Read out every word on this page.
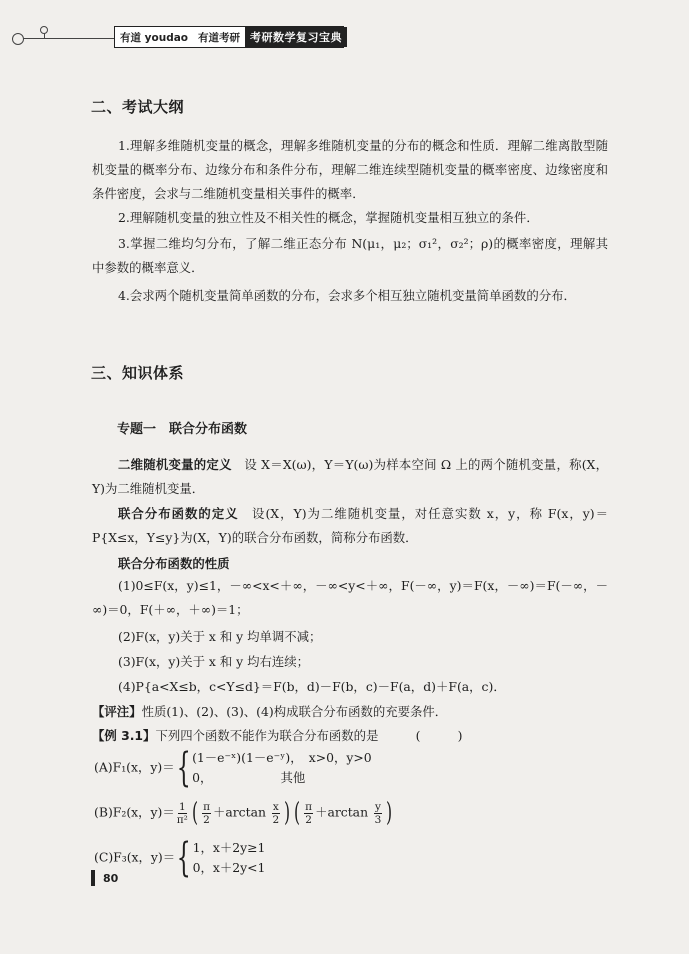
有道 youdao 有道考研 考研数学复习宝典
二、考试大纲
1.理解多维随机变量的概念，理解多维随机变量的分布的概念和性质．理解二维离散型随机变量的概率分布、边缘分布和条件分布，理解二维连续型随机变量的概率密度、边缘密度和条件密度，会求与二维随机变量相关事件的概率．
2.理解随机变量的独立性及不相关性的概念，掌握随机变量相互独立的条件．
3.掌握二维均匀分布，了解二维正态分布 N(μ₁，μ₂；σ₁²，σ₂²；ρ)的概率密度，理解其中参数的概率意义．
4.会求两个随机变量简单函数的分布，会求多个相互独立随机变量简单函数的分布．
三、知识体系
专题一　联合分布函数
二维随机变量的定义　设 X＝X(ω)，Y＝Y(ω)为样本空间 Ω 上的两个随机变量，称(X，Y)为二维随机变量．
联合分布函数的定义　设(X，Y)为二维随机变量，对任意实数 x，y，称 F(x，y)＝P{X≤x，Y≤y}为(X，Y)的联合分布函数，简称分布函数．
联合分布函数的性质
(1)0≤F(x，y)≤1，－∞<x<＋∞，－∞<y<＋∞，F(－∞，y)＝F(x，－∞)＝F(－∞，－∞)＝0，F(＋∞，＋∞)＝1；
(2)F(x，y)关于 x 和 y 均单调不减；
(3)F(x，y)关于 x 和 y 均右连续；
(4)P{a<X≤b，c<Y≤d}＝F(b，d)－F(b，c)－F(a，d)＋F(a，c)．
【评注】性质(1)、(2)、(3)、(4)构成联合分布函数的充要条件．
【例 3.1】下列四个函数不能作为联合分布函数的是　　　(　　　)
(A)F₁(x，y)＝ { (1－e⁻ˣ)(1－e⁻ʸ)，　x>0，y>0
0，　　　　　　其他
(B)F₂(x，$y)= \frac{1}{\text{π²}}$ ( $\frac{\pi}{2} +\arctan \frac{x}{2}$ ) ( $\frac{\pi}{2} +\arctan \frac{y}{3}$ )
(C)F₃(x，y)＝ { 1，x＋2y≥1
0，x＋2y<1
80
